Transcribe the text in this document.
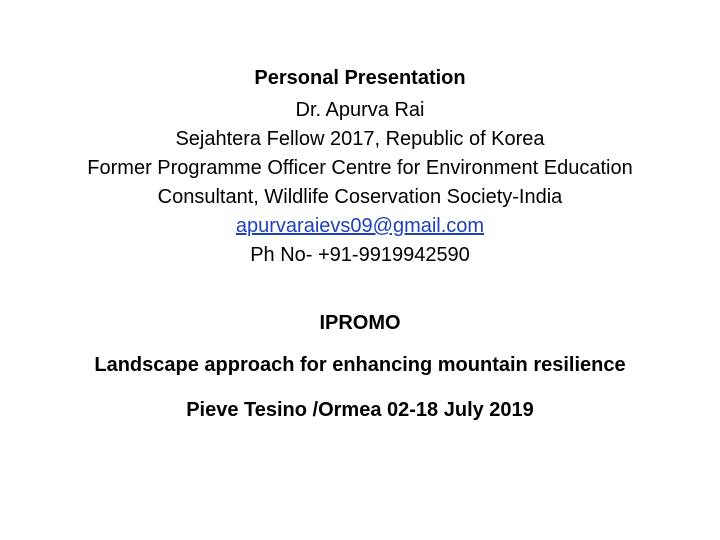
Personal Presentation
Dr. Apurva Rai
Sejahtera Fellow 2017, Republic of Korea
Former Programme Officer Centre for Environment Education
Consultant, Wildlife Coservation Society-India
apurvaraievs09@gmail.com
Ph No- +91-9919942590
IPROMO
Landscape approach for enhancing mountain resilience
Pieve Tesino /Ormea 02-18 July 2019
